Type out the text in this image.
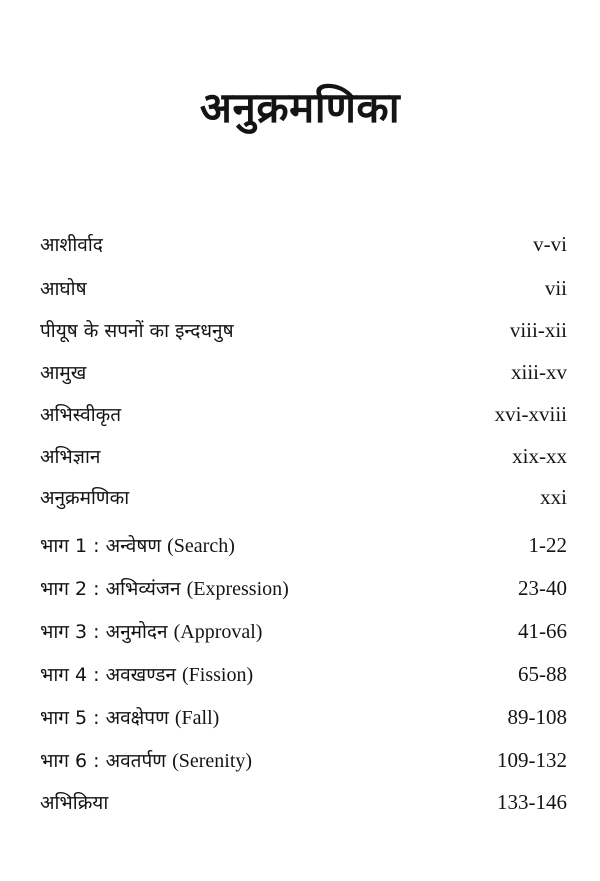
अनुक्रमणिका
आशीर्वाद	v-vi
आघोष	vii
पीयूष के सपनों का इन्दधनुष	viii-xii
आमुख	xiii-xv
अभिस्वीकृत	xvi-xviii
अभिज्ञान	xix-xx
अनुक्रमणिका	xxi
भाग 1 : अन्वेषण (Search)	1-22
भाग 2 : अभिव्यंजन (Expression)	23-40
भाग 3 : अनुमोदन (Approval)	41-66
भाग 4 : अवखण्डन (Fission)	65-88
भाग 5 : अवक्षेपण (Fall)	89-108
भाग 6 : अवतर्पण (Serenity)	109-132
अभिक्रिया	133-146
